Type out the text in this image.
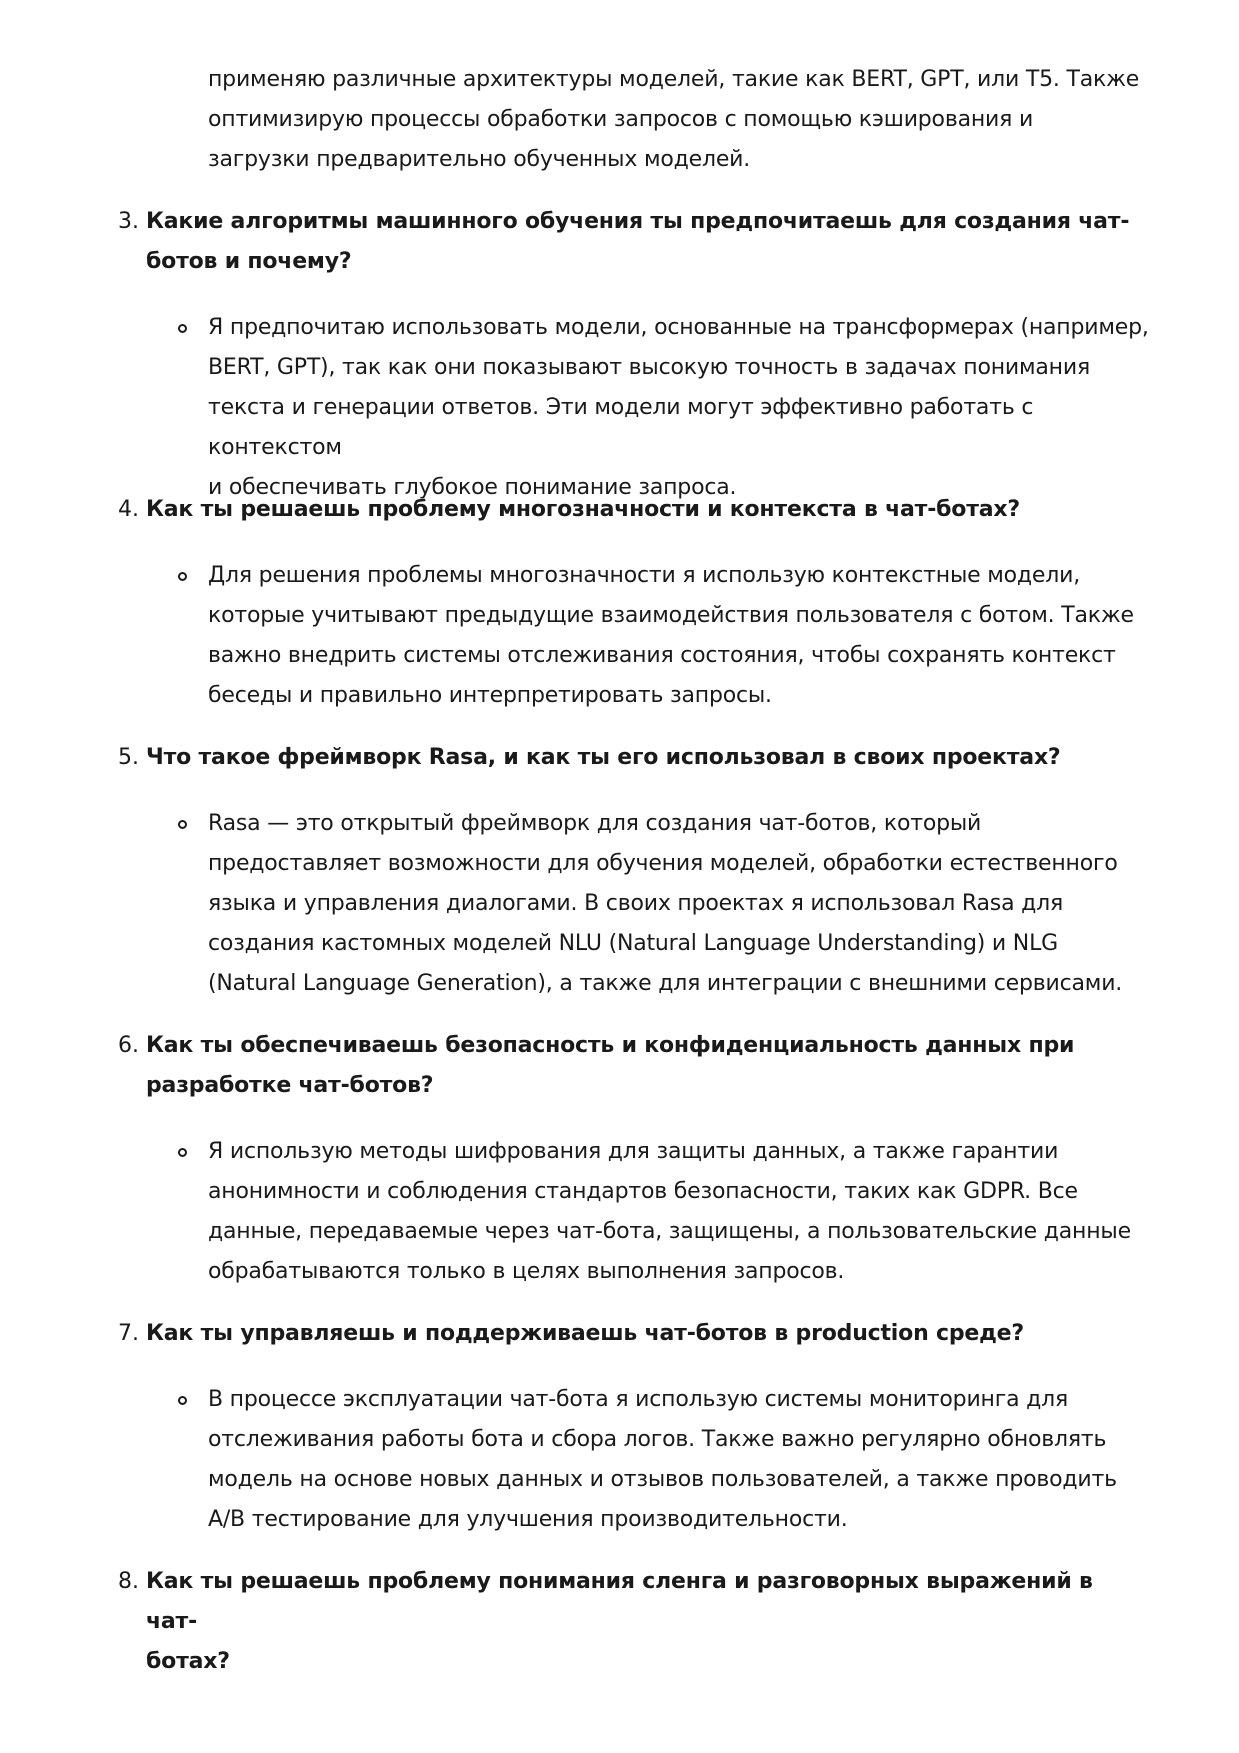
применяю различные архитектуры моделей, такие как BERT, GPT, или T5. Также
оптимизирую процессы обработки запросов с помощью кэширования и
загрузки предварительно обученных моделей.
3. Какие алгоритмы машинного обучения ты предпочитаешь для создания чат-
ботов и почему?
Я предпочитаю использовать модели, основанные на трансформерах (например,
BERT, GPT), так как они показывают высокую точность в задачах понимания
текста и генерации ответов. Эти модели могут эффективно работать с контекстом
и обеспечивать глубокое понимание запроса.
4. Как ты решаешь проблему многозначности и контекста в чат-ботах?
Для решения проблемы многозначности я использую контекстные модели,
которые учитывают предыдущие взаимодействия пользователя с ботом. Также
важно внедрить системы отслеживания состояния, чтобы сохранять контекст
беседы и правильно интерпретировать запросы.
5. Что такое фреймворк Rasa, и как ты его использовал в своих проектах?
Rasa — это открытый фреймворк для создания чат-ботов, который
предоставляет возможности для обучения моделей, обработки естественного
языка и управления диалогами. В своих проектах я использовал Rasa для
создания кастомных моделей NLU (Natural Language Understanding) и NLG
(Natural Language Generation), а также для интеграции с внешними сервисами.
6. Как ты обеспечиваешь безопасность и конфиденциальность данных при
разработке чат-ботов?
Я использую методы шифрования для защиты данных, а также гарантии
анонимности и соблюдения стандартов безопасности, таких как GDPR. Все
данные, передаваемые через чат-бота, защищены, а пользовательские данные
обрабатываются только в целях выполнения запросов.
7. Как ты управляешь и поддерживаешь чат-ботов в production среде?
В процессе эксплуатации чат-бота я использую системы мониторинга для
отслеживания работы бота и сбора логов. Также важно регулярно обновлять
модель на основе новых данных и отзывов пользователей, а также проводить
A/B тестирование для улучшения производительности.
8. Как ты решаешь проблему понимания сленга и разговорных выражений в чат-
ботах?
